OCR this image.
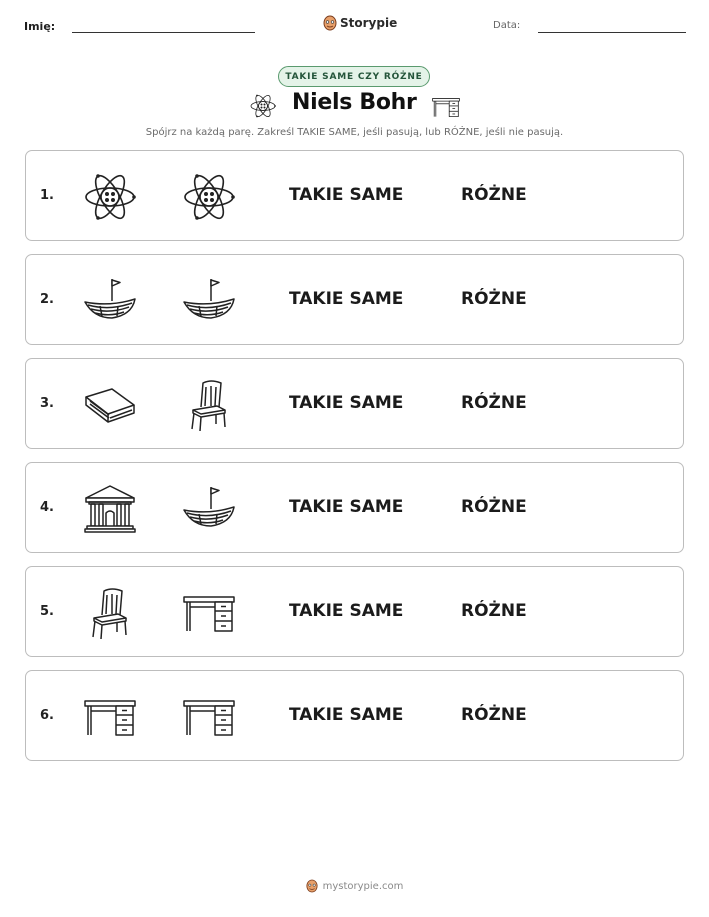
Imię:	Storypie	Data:
TAKIE SAME CZY RÓŻNE
Niels Bohr
Spójrz na każdą parę. Zakreśl TAKIE SAME, jeśli pasują, lub RÓŻNE, jeśli nie pasują.
1.	TAKIE SAME	RÓŻNE
2.	TAKIE SAME	RÓŻNE
3.	TAKIE SAME	RÓŻNE
4.	TAKIE SAME	RÓŻNE
5.	TAKIE SAME	RÓŻNE
6.	TAKIE SAME	RÓŻNE
mystorypie.com
